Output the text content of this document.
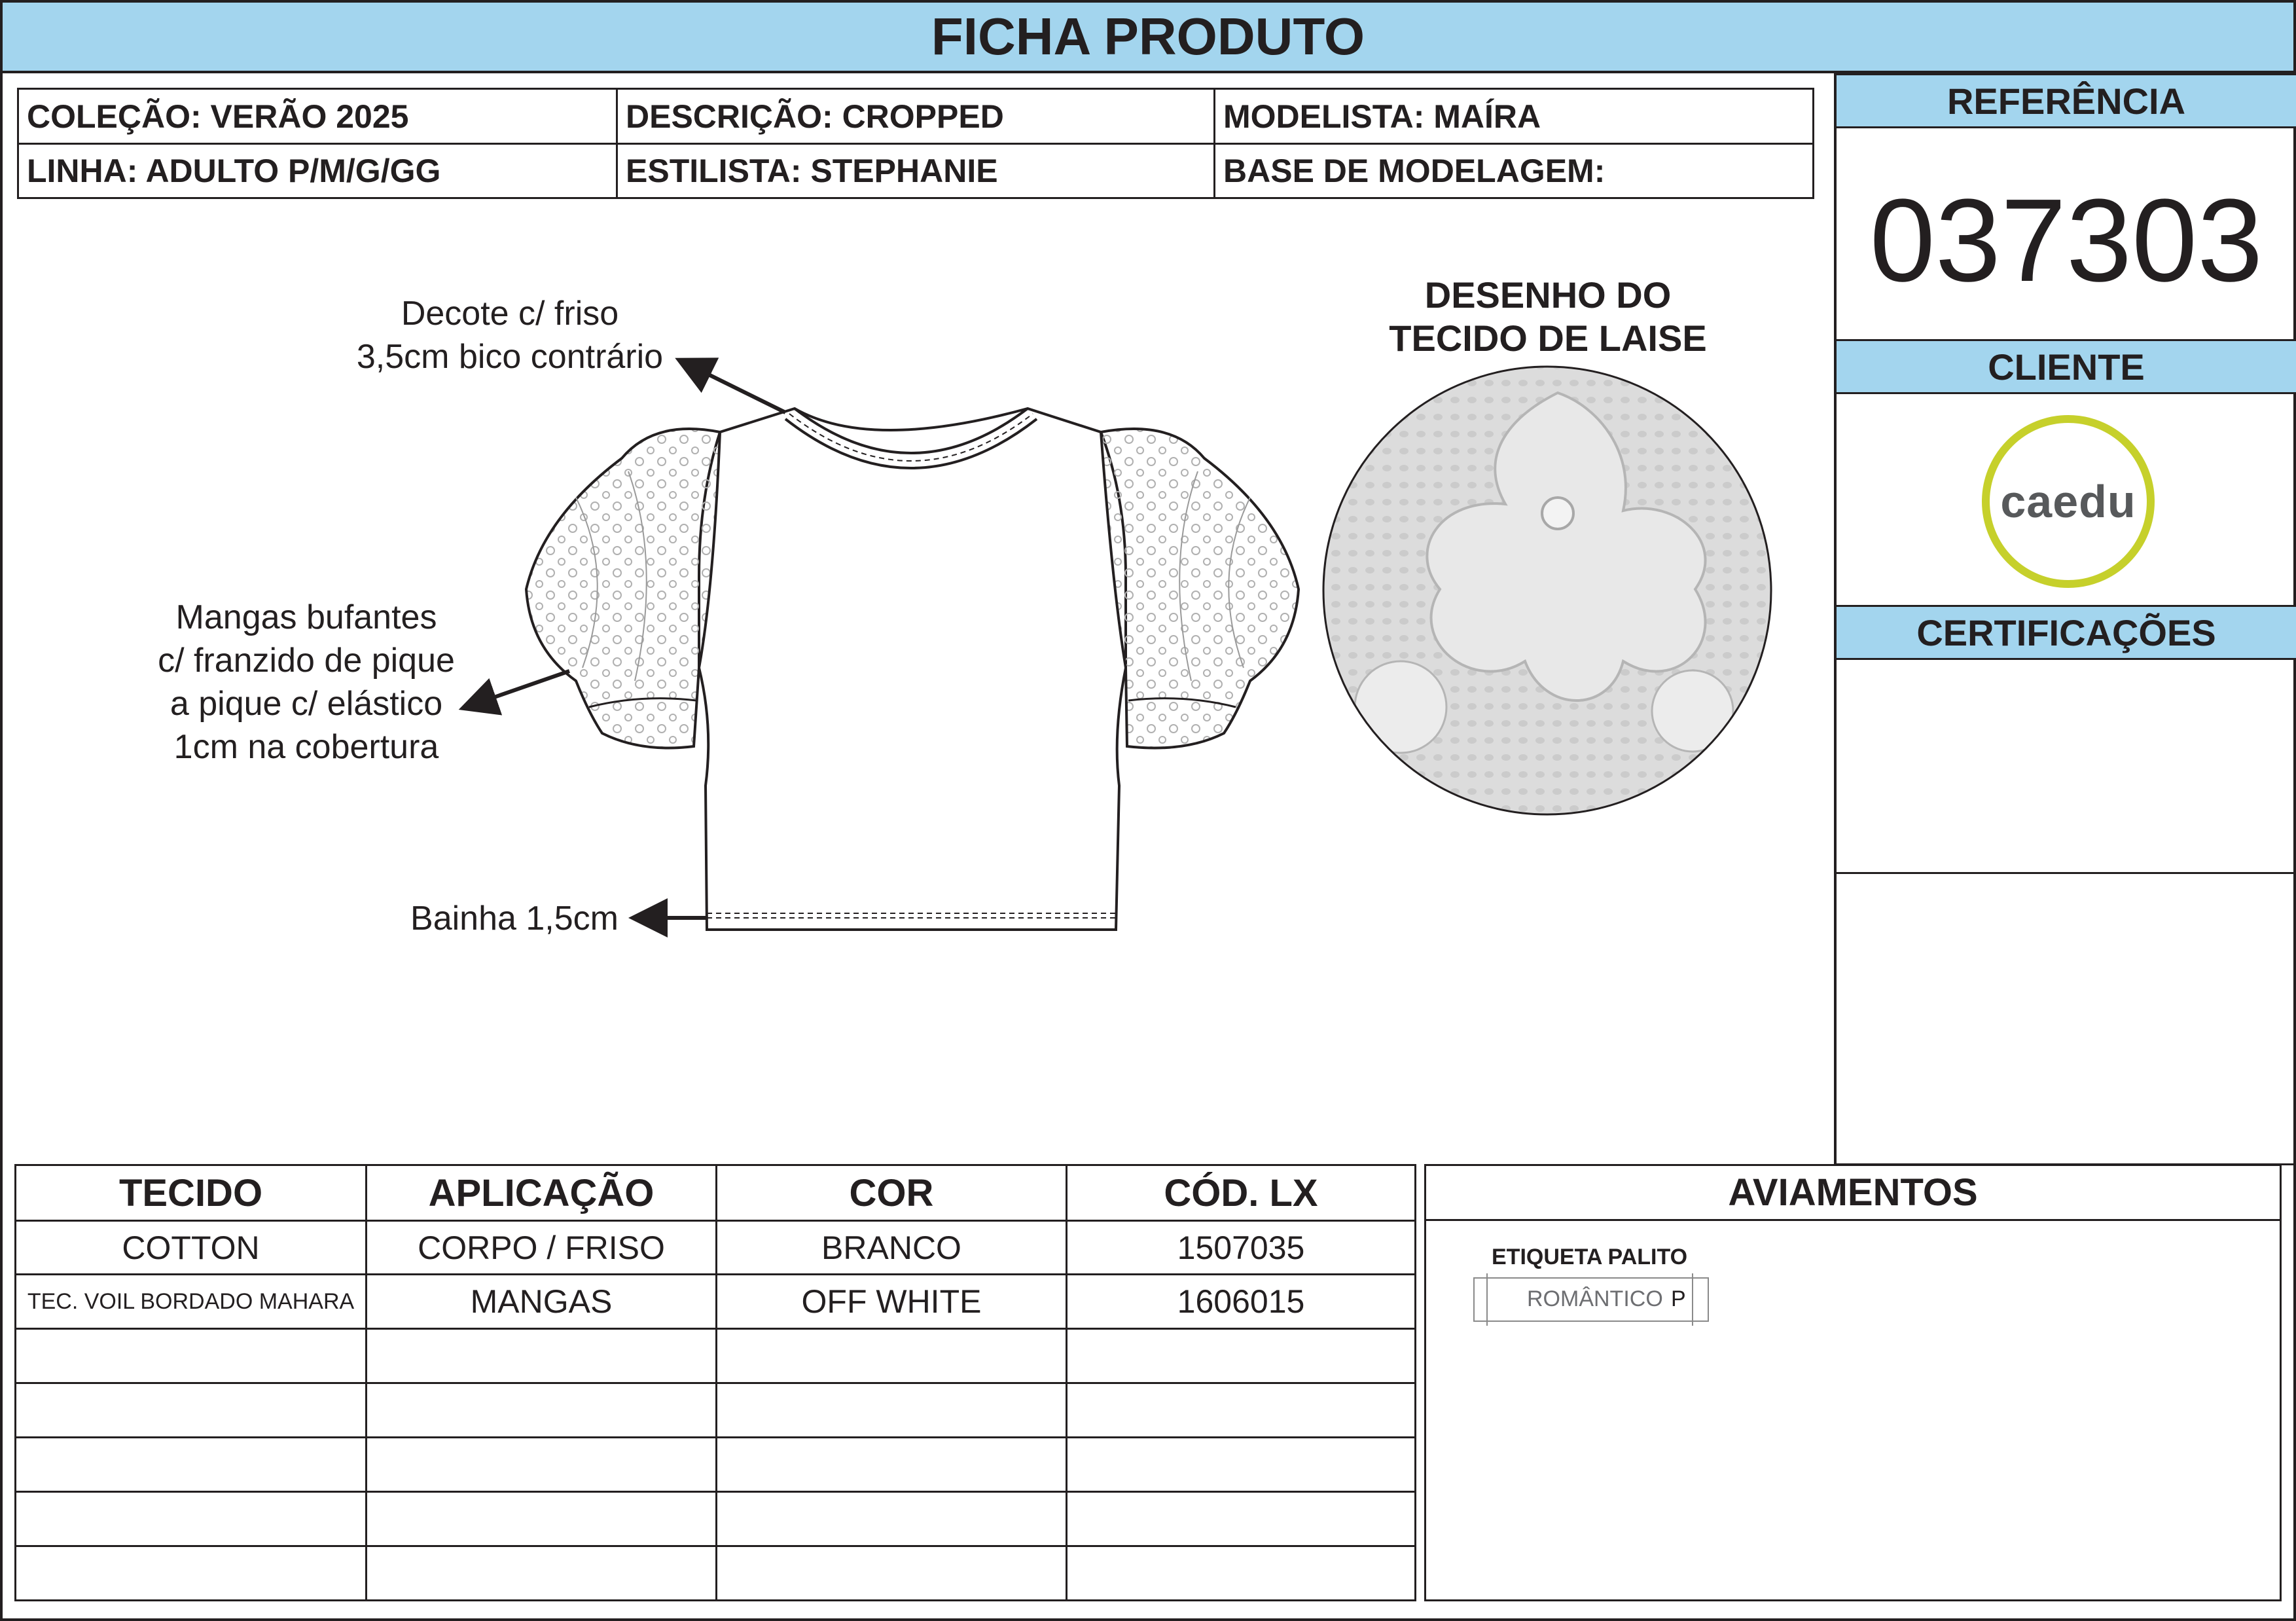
FICHA PRODUTO
COLEÇÃO: VERÃO 2025	DESCRIÇÃO: CROPPED	MODELISTA: MAÍRA
LINHA: ADULTO P/M/G/GG	ESTILISTA: STEPHANIE	BASE DE MODELAGEM:
REFERÊNCIA
037303
CLIENTE
caedu
CERTIFICAÇÕES
Decote c/ friso
3,5cm bico contrário
Mangas bufantes
c/ franzido de pique
a pique c/ elástico
1cm na cobertura
Bainha 1,5cm
DESENHO DO
TECIDO DE LAISE
TECIDO	APLICAÇÃO	COR	CÓD. LX
COTTON	CORPO / FRISO	BRANCO	1507035
TEC. VOIL BORDADO MAHARA	MANGAS	OFF WHITE	1606015
AVIAMENTOS
ETIQUETA PALITO
ROMÂNTICO P
